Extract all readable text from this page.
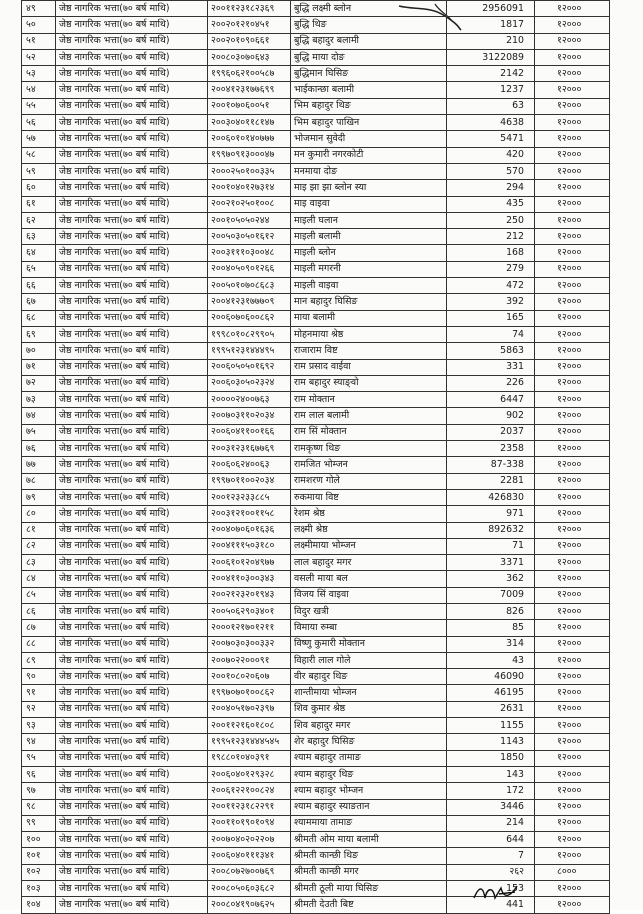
४९	जेष्ठ नागरिक भत्ता(७० बर्ष माथि)	२००११२३१८२३६९	बुद्धि लक्ष्मी ब्लोन	2956091	१२०००
५०	जेष्ठ नागरिक भत्ता(७० बर्ष माथि)	२००२०१२१०४५१	बुद्धि थिङ	1817	१२०००
५१	जेष्ठ नागरिक भत्ता(७० बर्ष माथि)	२००२०१०९०६६१	बुद्धि बहादुर बलामी	210	१२०००
५२	जेष्ठ नागरिक भत्ता(७० बर्ष माथि)	२००८०३०७०६४३	बुद्धि माया दोङ	3122089	१२०००
५३	जेष्ठ नागरिक भत्ता(७० बर्ष माथि)	१९९६०६२१००५८७	बुद्धिमान घिसिङ	2142	१२०००
५४	जेष्ठ नागरिक भत्ता(७० बर्ष माथि)	२००४१२३१७७६९९	भाईकान्छा बलामी	1237	१२०००
५५	जेष्ठ नागरिक भत्ता(७० बर्ष माथि)	२००१०७०६००५१	भिम बहादुर थिङ	63	१२०००
५६	जेष्ठ नागरिक भत्ता(७० बर्ष माथि)	२००३०४०११८१४७	भिम बहादुर पाखिन	4638	१२०००
५७	जेष्ठ नागरिक भत्ता(७० बर्ष माथि)	२००६०१०१४०७७७	भोजमान सुवेदी	5471	१२०००
५८	जेष्ठ नागरिक भत्ता(७० बर्ष माथि)	१९९७०९१३०००४७	मन कुमारी नगरकोटी	420	१२०००
५९	जेष्ठ नागरिक भत्ता(७० बर्ष माथि)	२०००२५०१००३३५	मनमाया दोङ	570	१२०००
६०	जेष्ठ नागरिक भत्ता(७० बर्ष माथि)	२००१०४०१२७३१४	माइ झा झा ब्लोन स्या	294	१२०००
६१	जेष्ठ नागरिक भत्ता(७० बर्ष माथि)	२००२१०२५०१००८	माइ वाइवा	435	१२०००
६२	जेष्ठ नागरिक भत्ता(७० बर्ष माथि)	२००१०५०५०२४४	माइली घलान	250	१२०००
६३	जेष्ठ नागरिक भत्ता(७० बर्ष माथि)	२००५०३०५०१६१२	माइली बलामी	212	१२०००
६४	जेष्ठ नागरिक भत्ता(७० बर्ष माथि)	२००३१११०३००४८	माइली ब्लोन	168	१२०००
६५	जेष्ठ नागरिक भत्ता(७० बर्ष माथि)	२००४०५०९०१२६६	माइली मगरनी	279	१२०००
६६	जेष्ठ नागरिक भत्ता(७० बर्ष माथि)	२००५०१०७०८६८३	माइली वाइवा	472	१२०००
६७	जेष्ठ नागरिक भत्ता(७० बर्ष माथि)	२००४१२३१७७७०९	मान बहादुर घिसिङ	392	१२०००
६८	जेष्ठ नागरिक भत्ता(७० बर्ष माथि)	२००६०७०६००८६२	माया बलामी	165	१२०००
६९	जेष्ठ नागरिक भत्ता(७० बर्ष माथि)	१९९८०१०८२९९०५	मोहनमाया श्रेष्ठ	74	१२०००
७०	जेष्ठ नागरिक भत्ता(७० बर्ष माथि)	१९९५१२३१४४४९५	राजाराम विष्ट	5863	१२०००
७१	जेष्ठ नागरिक भत्ता(७० बर्ष माथि)	२००६०५०५०१६९२	राम प्रसाद वाईवा	331	१२०००
७२	जेष्ठ नागरिक भत्ता(७० बर्ष माथि)	२००६०३०५०२३२४	राम बहादुर स्याङ्वो	226	१२०००
७३	जेष्ठ नागरिक भत्ता(७० बर्ष माथि)	२००००२४००७६३	राम मोक्तान	6447	१२०००
७४	जेष्ठ नागरिक भत्ता(७० बर्ष माथि)	२००७०३११०२०३४	राम लाल बलामी	902	१२०००
७५	जेष्ठ नागरिक भत्ता(७० बर्ष माथि)	२००६०४११००१६६	राम सिं मोक्तान	2037	१२०००
७६	जेष्ठ नागरिक भत्ता(७० बर्ष माथि)	२००३१२३१६७७६९	रामकृष्ण थिङ	2358	१२०००
७७	जेष्ठ नागरिक भत्ता(७० बर्ष माथि)	२००६०६२४००६३	रामजित भोम्जन	87-338	१२०००
७८	जेष्ठ नागरिक भत्ता(७० बर्ष माथि)	१९९७०११००२०३४	रामशरण गोले	2281	१२०००
७९	जेष्ठ नागरिक भत्ता(७० बर्ष माथि)	२००१२३२३३८८५	रुकमाया विष्ट	426830	१२०००
८०	जेष्ठ नागरिक भत्ता(७० बर्ष माथि)	२००३१२१००११५८	रेशम श्रेष्ठ	971	१२०००
८१	जेष्ठ नागरिक भत्ता(७० बर्ष माथि)	२००४०७०६०१६३६	लक्ष्मी श्रेष्ठ	892632	१२०००
८२	जेष्ठ नागरिक भत्ता(७० बर्ष माथि)	२००४१११५०३१८०	लक्ष्मीमाया भोम्जन	71	१२०००
८३	जेष्ठ नागरिक भत्ता(७० बर्ष माथि)	२००६१०१२०४९७७	लाल बहादुर मगर	3371	१२०००
८४	जेष्ठ नागरिक भत्ता(७० बर्ष माथि)	२००४११०३००३४३	वसली माया बल	362	१२०००
८५	जेष्ठ नागरिक भत्ता(७० बर्ष माथि)	२००२१२३२०१९४३	विजय सिं वाइवा	7009	१२०००
८६	जेष्ठ नागरिक भत्ता(७० बर्ष माथि)	२००५०६२९०३४०१	विदुर खत्री	826	१२०००
८७	जेष्ठ नागरिक भत्ता(७० बर्ष माथि)	२०००१२१७०१२११	विमाया रुम्बा	85	१२०००
८८	जेष्ठ नागरिक भत्ता(७० बर्ष माथि)	२००७०३०३००३३२	विष्णु कुमारी मोक्तान	314	१२०००
८९	जेष्ठ नागरिक भत्ता(७० बर्ष माथि)	२००७०२२०००९१	विहारी लाल गोले	43	१२०००
९०	जेष्ठ नागरिक भत्ता(७० बर्ष माथि)	२००१०८०२०६०७	वीर बहादुर थिङ	46090	१२०००
९१	जेष्ठ नागरिक भत्ता(७० बर्ष माथि)	१९९७०७०१००८६२	शान्तीमाया भोम्जन	46195	१२०००
९२	जेष्ठ नागरिक भत्ता(७० बर्ष माथि)	२००४०५१७०२३९७	शिव कुमार श्रेष्ठ	2631	१२०००
९३	जेष्ठ नागरिक भत्ता(७० बर्ष माथि)	२००११२१६०१८०८	शिव बहादुर मगर	1155	१२०००
९४	जेष्ठ नागरिक भत्ता(७० बर्ष माथि)	१९९५१२३१४४४५४५	शेर बहादुर घिसिङ	1143	१२०००
९५	जेष्ठ नागरिक भत्ता(७० बर्ष माथि)	१९८८०१०४०३९१	श्याम बहादुर तामाङ	1850	१२०००
९६	जेष्ठ नागरिक भत्ता(७० बर्ष माथि)	२००६०४०१२९३२८	श्याम बहादुर थिङ	143	१२०००
९७	जेष्ठ नागरिक भत्ता(७० बर्ष माथि)	२००६१२२१००८२४	श्याम बहादुर भोम्जन	172	१२०००
९८	जेष्ठ नागरिक भत्ता(७० बर्ष माथि)	२००११२३१८२२९१	श्याम बहादुर स्याङतान	3446	१२०००
९९	जेष्ठ नागरिक भत्ता(७० बर्ष माथि)	२००११०१९०१०९४	श्याममाया तामाङ	214	१२०००
१००	जेष्ठ नागरिक भत्ता(७० बर्ष माथि)	२००७०४०२०२२०७	श्रीमती ओम माया बलामी	644	१२०००
१०१	जेष्ठ नागरिक भत्ता(७० बर्ष माथि)	२००६०४०१११३४१	श्रीमती कान्छी थिङ	7	१२०००
१०२	जेष्ठ नागरिक भत्ता(७० बर्ष माथि)	२००८०७२७००७६९	श्रीमती कान्छी मगर	२६२	८०००
१०३	जेष्ठ नागरिक भत्ता(७० बर्ष माथि)	२००८०५०६०३६८२	श्रीमती ठूली माया घिसिङ	153	१२०००
१०४	जेष्ठ नागरिक भत्ता(७० बर्ष माथि)	२००८०४१९०७६२५	श्रीमती देउती बिष्ट	441	१२०००
